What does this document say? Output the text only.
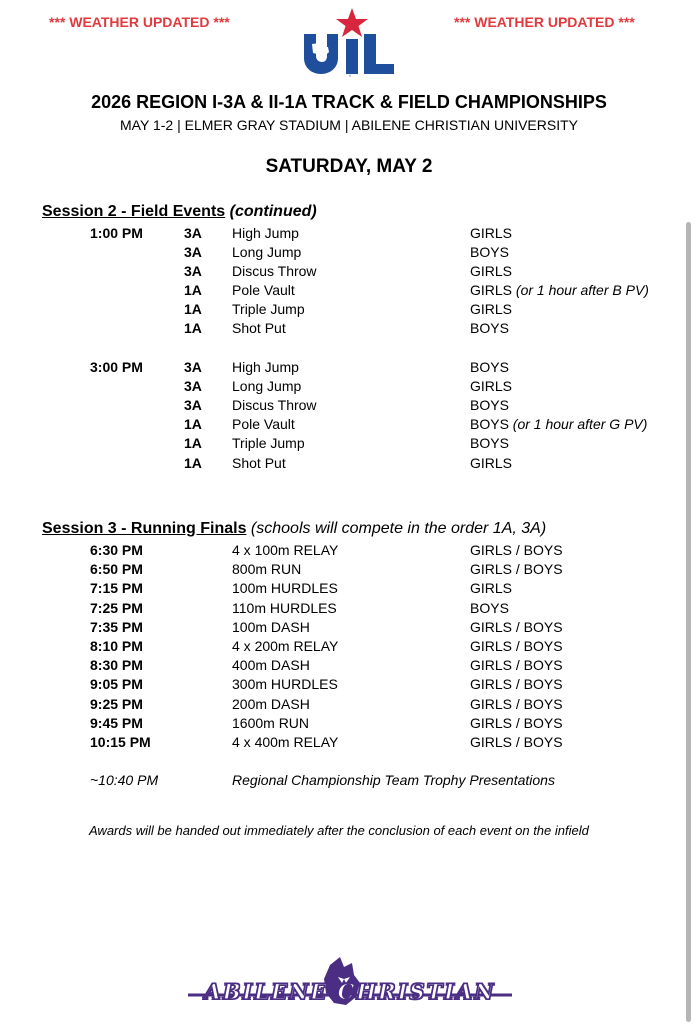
*** WEATHER UPDATED ***	*** WEATHER UPDATED ***
®
2026 REGION I-3A & II-1A TRACK & FIELD CHAMPIONSHIPS
MAY 1-2 | ELMER GRAY STADIUM | ABILENE CHRISTIAN UNIVERSITY
SATURDAY, MAY 2
Session 2 - Field Events (continued)
1:00 PM	3A High Jump	GIRLS
3A Long Jump	BOYS
3A Discus Throw	GIRLS
1A Pole Vault	GIRLS (or 1 hour after B PV)
1A Triple Jump	GIRLS
1A Shot Put	BOYS
3:00 PM	3A High Jump	BOYS
3A Long Jump	GIRLS
3A Discus Throw	BOYS
1A Pole Vault	BOYS (or 1 hour after G PV)
1A Triple Jump	BOYS
1A Shot Put	GIRLS
Session 3 - Running Finals (schools will compete in the order 1A, 3A)
6:30 PM	4 x 100m RELAY	GIRLS / BOYS
6:50 PM	800m RUN	GIRLS / BOYS
7:15 PM	100m HURDLES	GIRLS
7:25 PM	110m HURDLES	BOYS
7:35 PM	100m DASH	GIRLS / BOYS
8:10 PM	4 x 200m RELAY	GIRLS / BOYS
8:30 PM	400m DASH	GIRLS / BOYS
9:05 PM	300m HURDLES	GIRLS / BOYS
9:25 PM	200m DASH	GIRLS / BOYS
9:45 PM	1600m RUN	GIRLS / BOYS
10:15 PM	4 x 400m RELAY	GIRLS / BOYS
~10:40 PM	Regional Championship Team Trophy Presentations
Awards will be handed out immediately after the conclusion of each event on the infield
ABILENE CHRISTIAN
